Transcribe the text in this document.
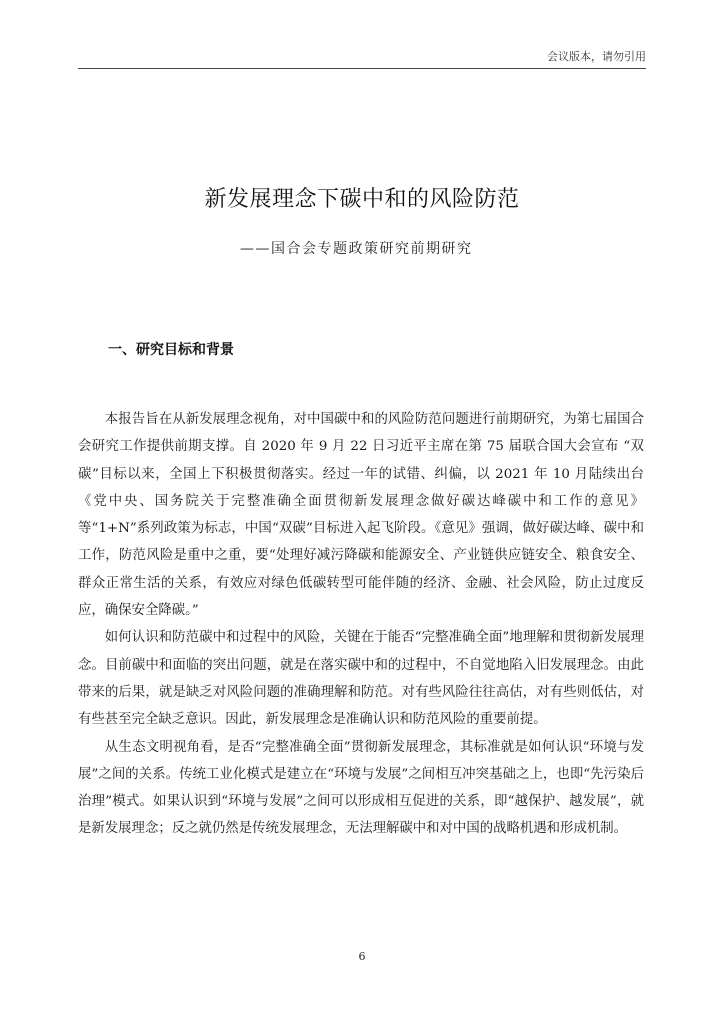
会议版本，请勿引用
新发展理念下碳中和的风险防范
——国合会专题政策研究前期研究
一、研究目标和背景

本报告旨在从新发展理念视角，对中国碳中和的风险防范问题进行前期研究，为第七届国合会研究工作提供前期支撑。自 2020 年 9 月 22 日习近平主席在第 75 届联合国大会宣布 “双碳”目标以来，全国上下积极贯彻落实。经过一年的试错、纠偏，以 2021 年 10 月陆续出台《党中央、国务院关于完整准确全面贯彻新发展理念做好碳达峰碳中和工作的意见》等“1+N”系列政策为标志，中国“双碳”目标进入起飞阶段。《意见》强调，做好碳达峰、碳中和工作，防范风险是重中之重，要“处理好减污降碳和能源安全、产业链供应链安全、粮食安全、群众正常生活的关系，有效应对绿色低碳转型可能伴随的经济、金融、社会风险，防止过度反应，确保安全降碳。”

如何认识和防范碳中和过程中的风险，关键在于能否“完整准确全面”地理解和贯彻新发展理念。目前碳中和面临的突出问题，就是在落实碳中和的过程中，不自觉地陷入旧发展理念。由此带来的后果，就是缺乏对风险问题的准确理解和防范。对有些风险往往高估，对有些则低估，对有些甚至完全缺乏意识。因此，新发展理念是准确认识和防范风险的重要前提。

从生态文明视角看，是否“完整准确全面”贯彻新发展理念，其标准就是如何认识“环境与发展”之间的关系。传统工业化模式是建立在“环境与发展”之间相互冲突基础之上，也即“先污染后治理”模式。如果认识到“环境与发展”之间可以形成相互促进的关系，即“越保护、越发展”，就是新发展理念；反之就仍然是传统发展理念，无法理解碳中和对中国的战略机遇和形成机制。

6
